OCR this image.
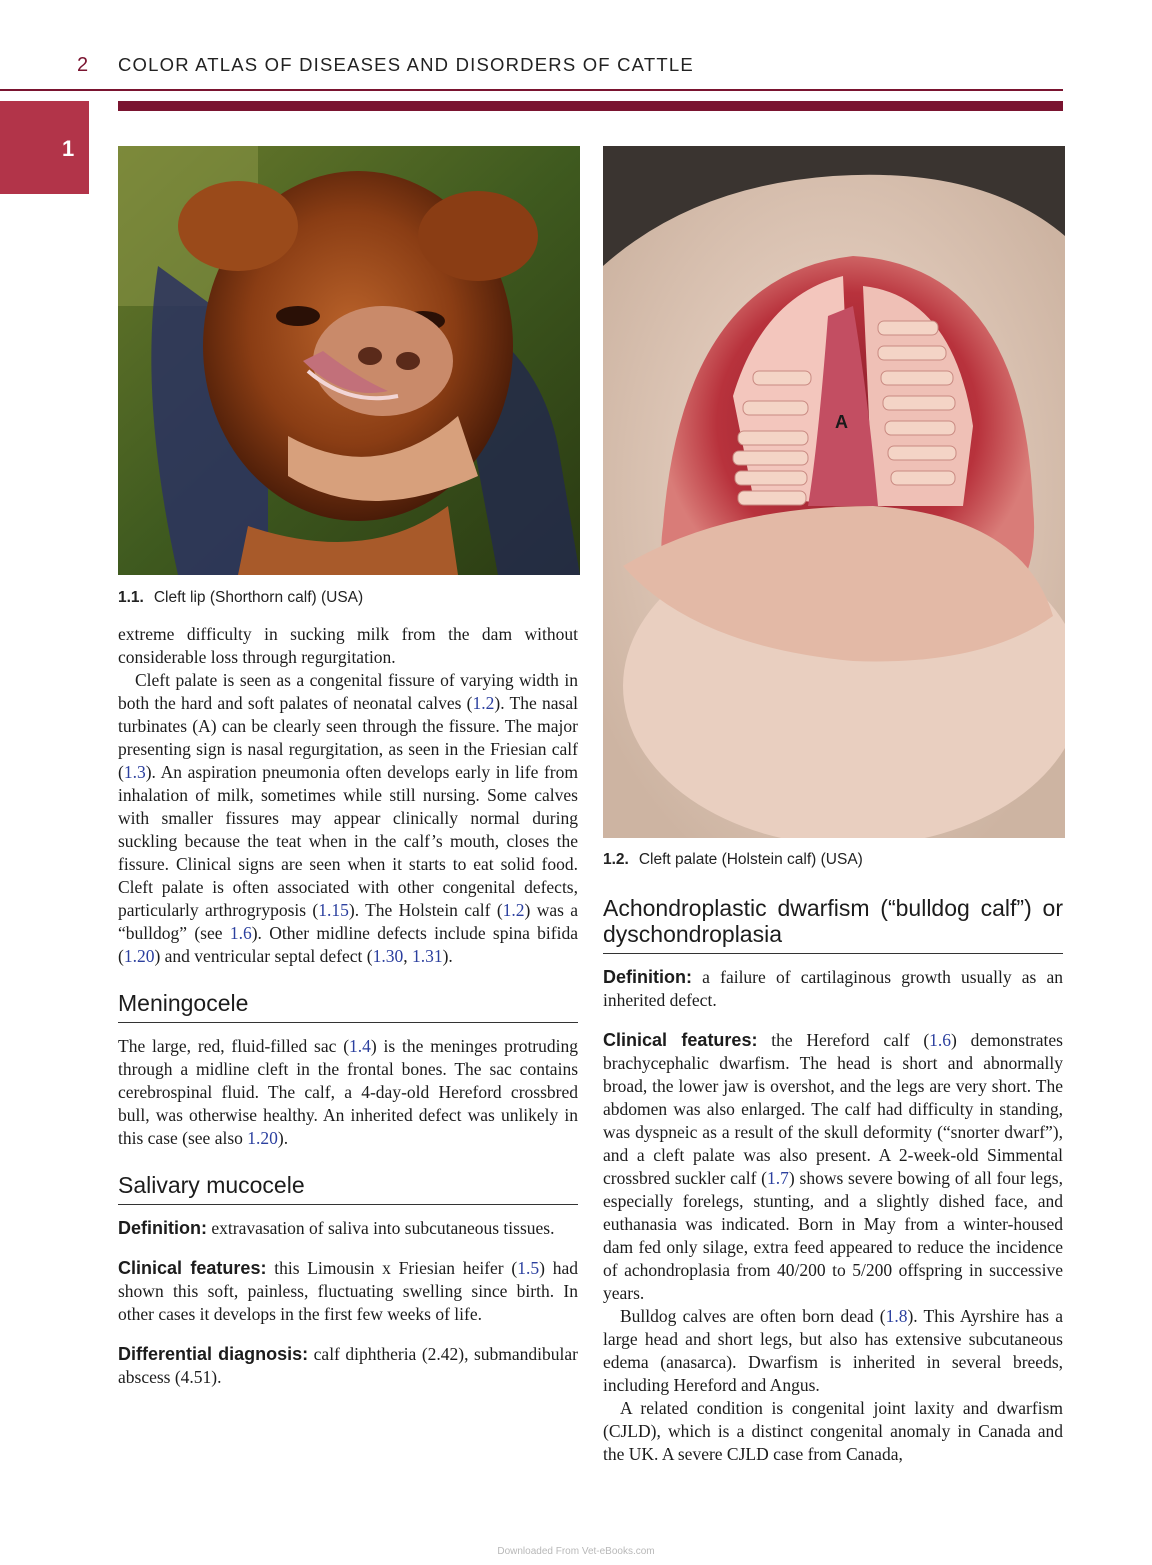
2 COLOR ATLAS OF DISEASES AND DISORDERS OF CATTLE
1
1.1. Cleft lip (Shorthorn calf) (USA)
A
1.2. Cleft palate (Holstein calf) (USA)

extreme difficulty in sucking milk from the dam without considerable loss through regurgitation.

Cleft palate is seen as a congenital fissure of varying width in both the hard and soft palates of neonatal calves (1.2). The nasal turbinates (A) can be clearly seen through the fissure. The major presenting sign is nasal regurgitation, as seen in the Friesian calf (1.3). An aspiration pneumonia often develops early in life from inhalation of milk, sometimes while still nursing. Some calves with smaller fissures may appear clinically normal during suckling because the teat when in the calf’s mouth, closes the fissure. Clinical signs are seen when it starts to eat solid food. Cleft palate is often associated with other congenital defects, particularly arthrogryposis (1.15). The Holstein calf (1.2) was a “bulldog” (see 1.6). Other midline defects include spina bifida (1.20) and ventricular septal defect (1.30, 1.31).

Meningocele

The large, red, fluid-filled sac (1.4) is the meninges protruding through a midline cleft in the frontal bones. The sac contains cerebrospinal fluid. The calf, a 4-day-old Hereford crossbred bull, was otherwise healthy. An inherited defect was unlikely in this case (see also 1.20).

Salivary mucocele

Definition: extravasation of saliva into subcutaneous tissues.

Clinical features: this Limousin x Friesian heifer (1.5) had shown this soft, painless, fluctuating swelling since birth. In other cases it develops in the first few weeks of life.

Differential diagnosis: calf diphtheria (2.42), submandibular abscess (4.51).

Achondroplastic dwarfism (“bulldog calf”) or dyschondroplasia

Definition: a failure of cartilaginous growth usually as an inherited defect.

Clinical features: the Hereford calf (1.6) demonstrates brachycephalic dwarfism. The head is short and abnormally broad, the lower jaw is overshot, and the legs are very short. The abdomen was also enlarged. The calf had difficulty in standing, was dyspneic as a result of the skull deformity (“snorter dwarf”), and a cleft palate was also present. A 2-week-old Simmental crossbred suckler calf (1.7) shows severe bowing of all four legs, especially forelegs, stunting, and a slightly dished face, and euthanasia was indicated. Born in May from a winter-housed dam fed only silage, extra feed appeared to reduce the incidence of achondroplasia from 40/200 to 5/200 offspring in successive years.

Bulldog calves are often born dead (1.8). This Ayrshire has a large head and short legs, but also has extensive subcutaneous edema (anasarca). Dwarfism is inherited in several breeds, including Hereford and Angus.

A related condition is congenital joint laxity and dwarfism (CJLD), which is a distinct congenital anomaly in Canada and the UK. A severe CJLD case from Canada,

Downloaded From Vet-eBooks.com
